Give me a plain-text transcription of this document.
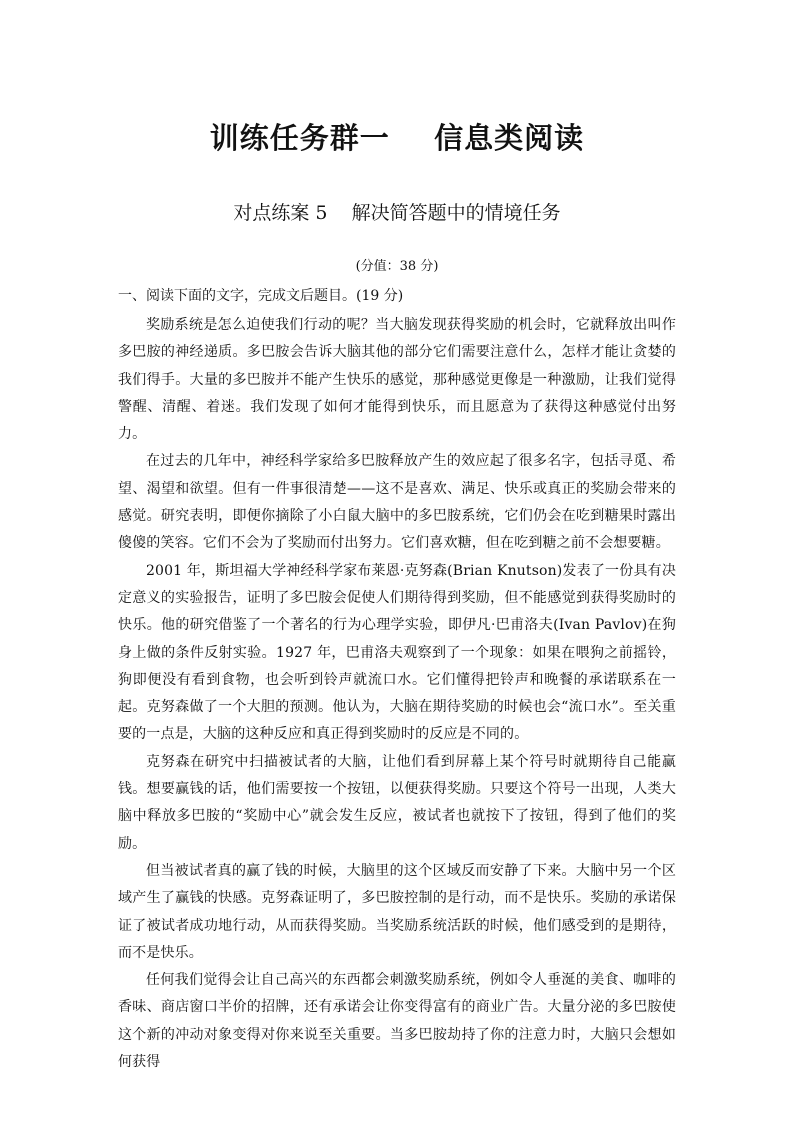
训练任务群一    信息类阅读
对点练案 5    解决简答题中的情境任务
(分值：38 分)
一、阅读下面的文字，完成文后题目。(19 分)

奖励系统是怎么迫使我们行动的呢？当大脑发现获得奖励的机会时，它就释放出叫作多巴胺的神经递质。多巴胺会告诉大脑其他的部分它们需要注意什么，怎样才能让贪婪的我们得手。大量的多巴胺并不能产生快乐的感觉，那种感觉更像是一种激励，让我们觉得警醒、清醒、着迷。我们发现了如何才能得到快乐，而且愿意为了获得这种感觉付出努力。

在过去的几年中，神经科学家给多巴胺释放产生的效应起了很多名字，包括寻觅、希望、渴望和欲望。但有一件事很清楚——这不是喜欢、满足、快乐或真正的奖励会带来的感觉。研究表明，即便你摘除了小白鼠大脑中的多巴胺系统，它们仍会在吃到糖果时露出傻傻的笑容。它们不会为了奖励而付出努力。它们喜欢糖，但在吃到糖之前不会想要糖。

2001 年，斯坦福大学神经科学家布莱恩·克努森(Brian Knutson)发表了一份具有决定意义的实验报告，证明了多巴胺会促使人们期待得到奖励，但不能感觉到获得奖励时的快乐。他的研究借鉴了一个著名的行为心理学实验，即伊凡·巴甫洛夫(Ivan Pavlov)在狗身上做的条件反射实验。1927 年，巴甫洛夫观察到了一个现象：如果在喂狗之前摇铃，狗即便没有看到食物，也会听到铃声就流口水。它们懂得把铃声和晚餐的承诺联系在一起。克努森做了一个大胆的预测。他认为，大脑在期待奖励的时候也会“流口水”。至关重要的一点是，大脑的这种反应和真正得到奖励时的反应是不同的。

克努森在研究中扫描被试者的大脑，让他们看到屏幕上某个符号时就期待自己能赢钱。想要赢钱的话，他们需要按一个按钮，以便获得奖励。只要这个符号一出现，人类大脑中释放多巴胺的“奖励中心”就会发生反应，被试者也就按下了按钮，得到了他们的奖励。

但当被试者真的赢了钱的时候，大脑里的这个区域反而安静了下来。大脑中另一个区域产生了赢钱的快感。克努森证明了，多巴胺控制的是行动，而不是快乐。奖励的承诺保证了被试者成功地行动，从而获得奖励。当奖励系统活跃的时候，他们感受到的是期待，而不是快乐。

任何我们觉得会让自己高兴的东西都会刺激奖励系统，例如令人垂涎的美食、咖啡的香味、商店窗口半价的招牌，还有承诺会让你变得富有的商业广告。大量分泌的多巴胺使这个新的冲动对象变得对你来说至关重要。当多巴胺劫持了你的注意力时，大脑只会想如何获得
